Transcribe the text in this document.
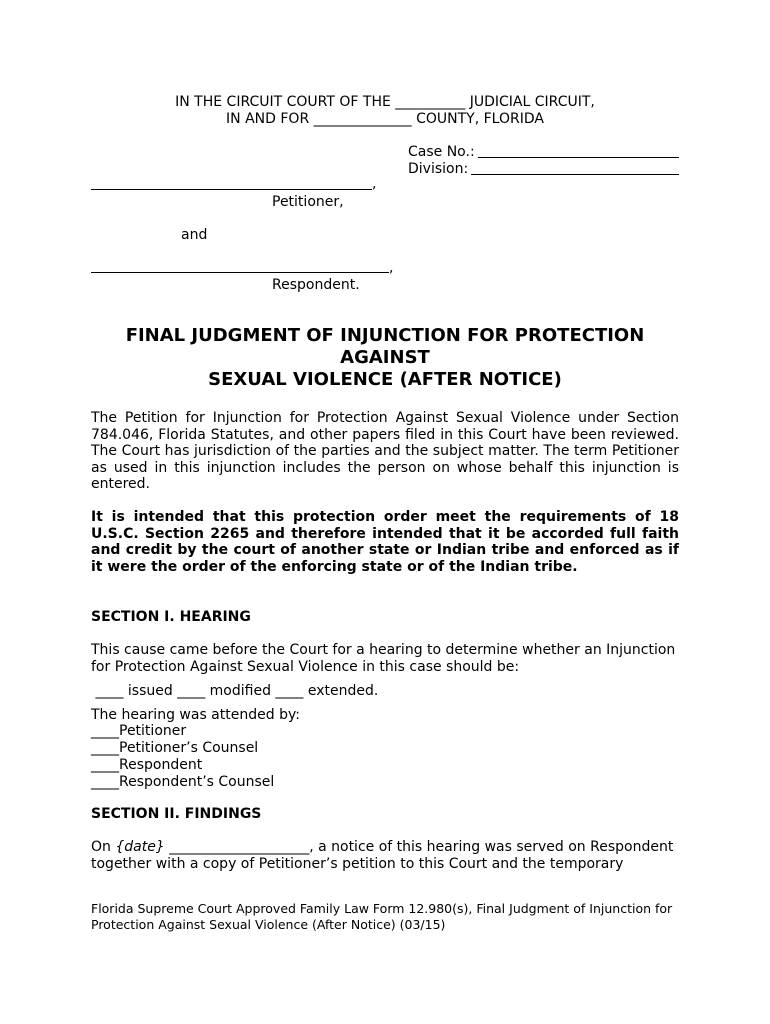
IN THE CIRCUIT COURT OF THE __________ JUDICIAL CIRCUIT,
IN AND FOR ______________ COUNTY, FLORIDA
Case No.:
Division:
,
Petitioner,
and
,
Respondent.
FINAL JUDGMENT OF INJUNCTION FOR PROTECTION
AGAINST
SEXUAL VIOLENCE (AFTER NOTICE)
The Petition for Injunction for Protection Against Sexual Violence under Section 784.046, Florida Statutes, and other papers filed in this Court have been reviewed. The Court has jurisdiction of the parties and the subject matter. The term Petitioner as used in this injunction includes the person on whose behalf this injunction is entered.
It is intended that this protection order meet the requirements of 18 U.S.C. Section 2265 and therefore intended that it be accorded full faith and credit by the court of another state or Indian tribe and enforced as if it were the order of the enforcing state or of the Indian tribe.
SECTION I. HEARING
This cause came before the Court for a hearing to determine whether an Injunction for Protection Against Sexual Violence in this case should be:
____ issued ____ modified ____ extended.
The hearing was attended by:
____Petitioner
____Petitioner’s Counsel
____Respondent
____Respondent’s Counsel
SECTION II. FINDINGS
On {date} ____________________, a notice of this hearing was served on Respondent
together with a copy of Petitioner’s petition to this Court and the temporary
Florida Supreme Court Approved Family Law Form 12.980(s), Final Judgment of Injunction for
Protection Against Sexual Violence (After Notice) (03/15)
